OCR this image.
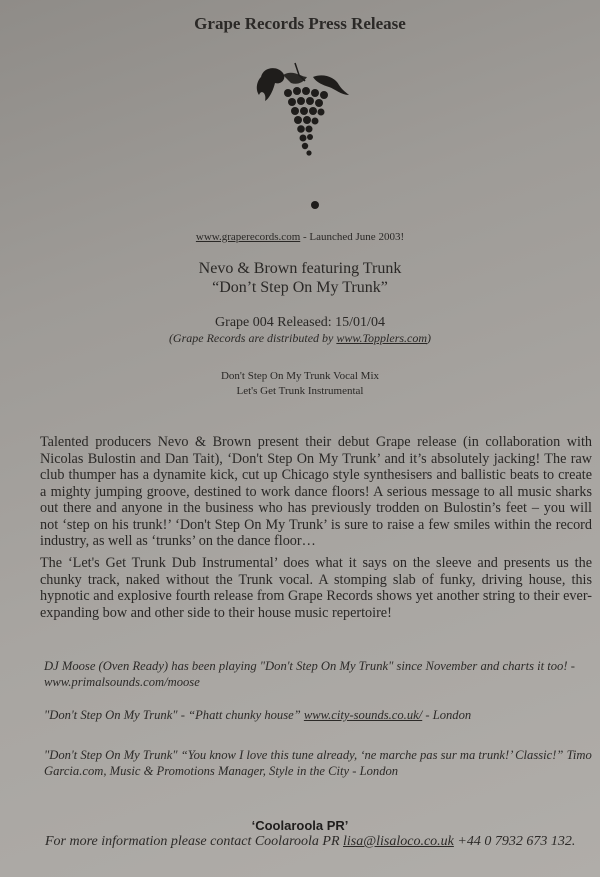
Grape Records Press Release
www.graperecords.com - Launched June 2003!
Nevo & Brown featuring Trunk
“Don’t Step On My Trunk”
Grape 004 Released: 15/01/04
(Grape Records are distributed by www.Topplers.com)
Don't Step On My Trunk Vocal Mix
Let's Get Trunk Instrumental
Talented producers Nevo & Brown present their debut Grape release (in collaboration with Nicolas Bulostin and Dan Tait), ‘Don't Step On My Trunk’ and it’s absolutely jacking! The raw club thumper has a dynamite kick, cut up Chicago style synthesisers and ballistic beats to create a mighty jumping groove, destined to work dance floors! A serious message to all music sharks out there and anyone in the business who has previously trodden on Bulostin’s feet – you will not ‘step on his trunk!’ ‘Don't Step On My Trunk’ is sure to raise a few smiles within the record industry, as well as ‘trunks’ on the dance floor…
The ‘Let's Get Trunk Dub Instrumental’ does what it says on the sleeve and presents us the chunky track, naked without the Trunk vocal. A stomping slab of funky, driving house, this hypnotic and explosive fourth release from Grape Records shows yet another string to their ever-expanding bow and other side to their house music repertoire!
DJ Moose (Oven Ready) has been playing "Don't Step On My Trunk" since November and charts it too! - www.primalsounds.com/moose
"Don't Step On My Trunk" - “Phatt chunky house” www.city-sounds.co.uk/ - London
"Don't Step On My Trunk" “You know I love this tune already, ‘ne marche pas sur ma trunk!’ Classic!” Timo Garcia.com, Music & Promotions Manager, Style in the City - London
‘Coolaroola PR’
For more information please contact Coolaroola PR lisa@lisaloco.co.uk +44 0 7932 673 132.
